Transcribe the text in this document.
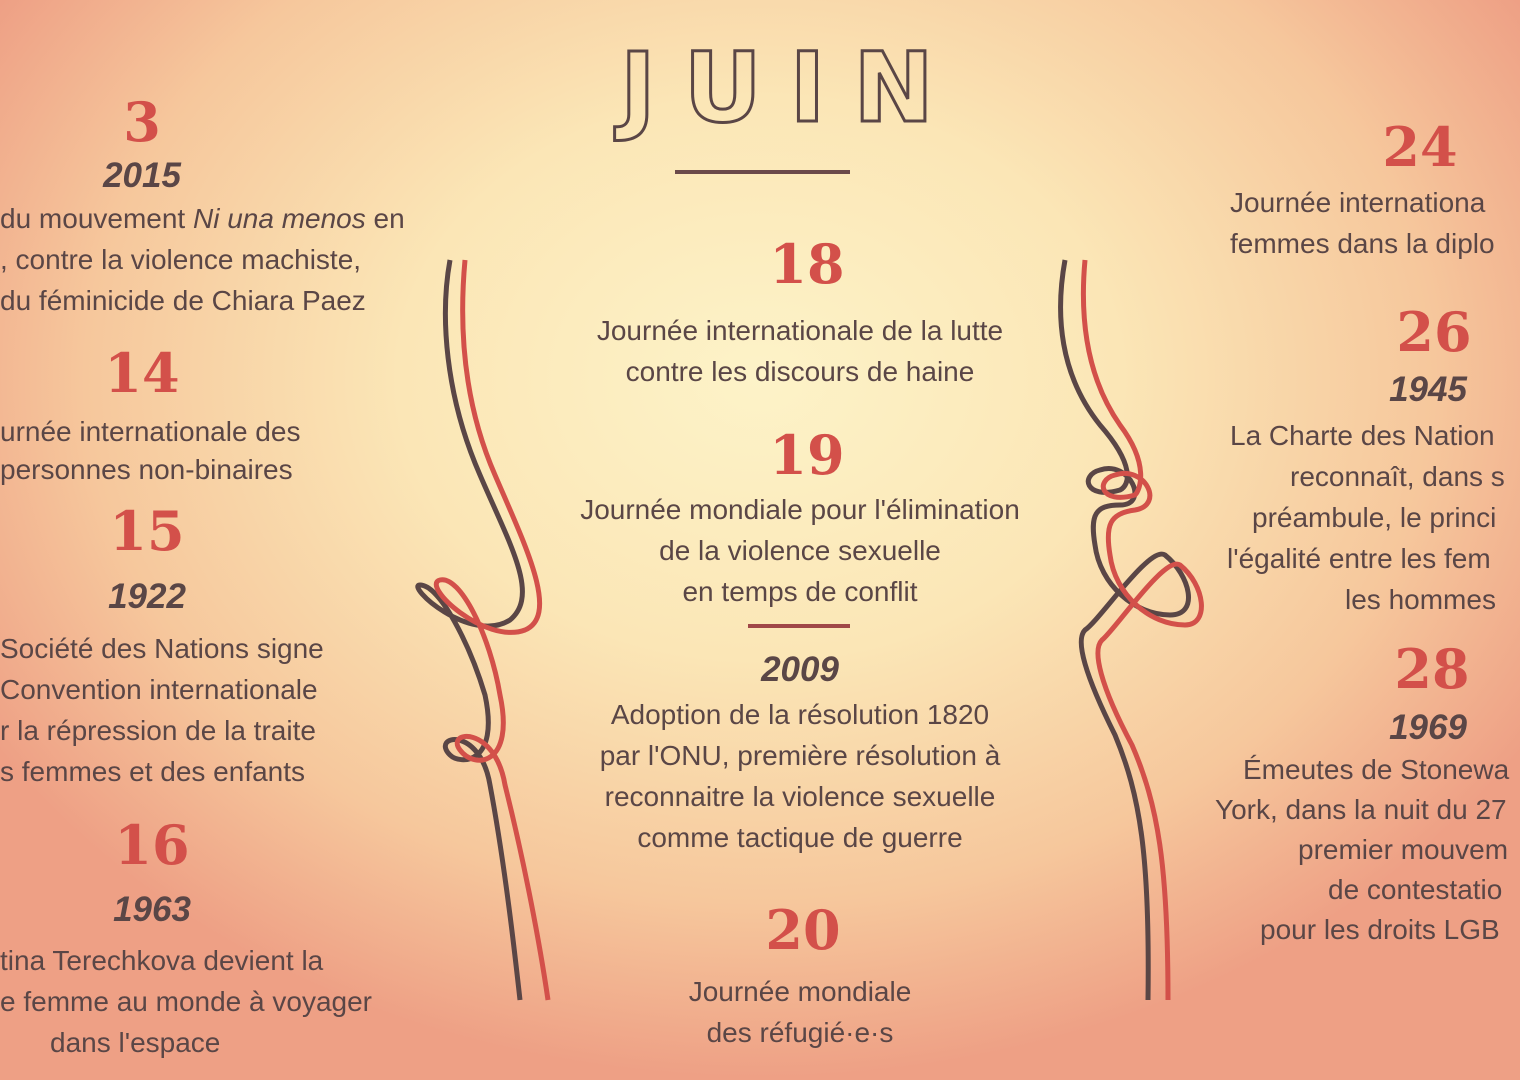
JUIN
3
2015
du mouvement Ni una menos en
, contre la violence machiste,
du féminicide de Chiara Paez
14
urnée internationale des
personnes non-binaires
15
1922
Société des Nations signe
Convention internationale
r la répression de la traite
s femmes et des enfants
16
1963
tina Terechkova devient la
e femme au monde à voyager
dans l'espace
18
Journée internationale de la lutte
contre les discours de haine
19
Journée mondiale pour l'élimination
de la violence sexuelle
en temps de conflit
2009
Adoption de la résolution 1820
par l'ONU, première résolution à
reconnaitre la violence sexuelle
comme tactique de guerre
20
Journée mondiale
des réfugié·e·s
24
Journée internationa
femmes dans la diplo
26
1945
La Charte des Nation
reconnaît, dans s
préambule, le princi
l'égalité entre les fem
les hommes
28
1969
Émeutes de Stonewa
York, dans la nuit du 27
premier mouvem
de contestatio
pour les droits LGB
